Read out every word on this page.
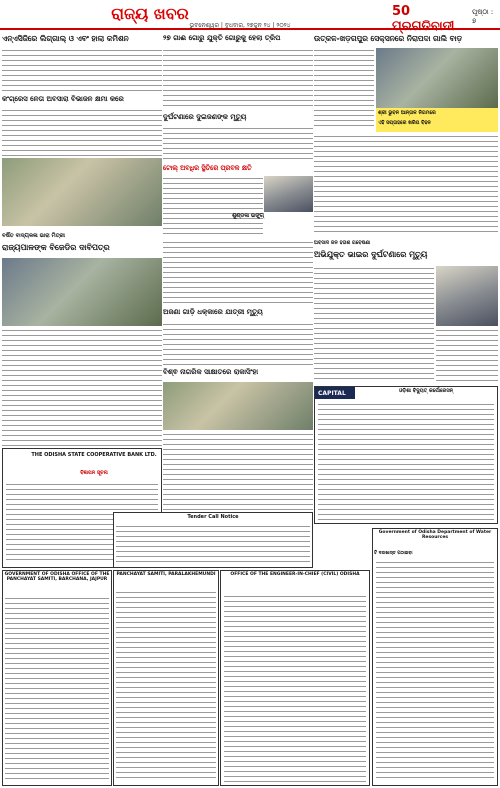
ରାଜ୍ୟ ଖବର
ଭୁବନେଶ୍ୱର | ବୁଧବାର, ୨୭ଜୁନ ୨୪ | ୨୦୨୪
50 ପ୍ରଗତିବାଦୀ
ପୃଷ୍ଠା : ୭
ଏନ୍ଏସିଜିରେ ଲିଗ୍ଗାଲ୍ ଓ ଏବଂ ହାଲା କମିଶନ	୨୭ ଗାଈ ଗୋରୁ ଯୁକ୍ତି ଗୋରୁକୁ ହେଲା ତ୍ରିପ	ଉତ୍କଳ-ଖଡ଼ଗପୁର ସେକ୍ସନରେ ନିରାପଦା ଗାଲି ବାଡ଼
ଶ୍ରୀ ଭୁବନ ଆନ୍ତାଳ ନିଗମରେ
ଏହି ସପ୍ତାହରେ ଖରିପ ବିହନ
କଂଗ୍ରେସ ନେତା ଅବସାରା ବିଭାଜନ କ୍ଷମା କରେ
ଦୁର୍ଘଟଣାରେ ଦୁଇଜଣଙ୍କ ମୃତ୍ୟୁ
ଟୋଲ୍ ଅବଧିର ସ୍ଥିତିରେ ପ୍ରବଳ କ୍ଷତି
ଶୁଣ୍ଡଳା ଭଙ୍ଗ୍ଗ୍
ବର୍ଷିତ ବାଦ୍ୟକଳା ଭାରା ମିତ୍ରୀ
ରାଜ୍ୟପାଳଙ୍କ ବିଜେଡିର ଦାବିପତ୍ର
ଅଜଣା ଗାଡ଼ି ଧକ୍କାରେ ଯାତ୍ରୀ ମୃତ୍ୟୁ
ବିଶ୍ଵ ନାଗରିକ ସାକ୍ଷାତରେ ରାକାସିଂହା
ଅବସାଦ ଜନ ହତାଶ ଗବେଷଣା
ଅଭିଯୁକ୍ତ ଭାଇର ଦୁର୍ଘଟଣାରେ ମୃତ୍ୟୁ
CAPITAL	ଓଡ଼ିଶା ବିଦ୍ୟୁତ୍ କର୍ପୋରେସନ୍
THE ODISHA STATE COOPERATIVE BANK LTD.
ବିଜ୍ଞାପନ ସୂଚନା
GOVERNMENT OF ODISHA OFFICE OF THE PANCHAYAT SAMITI, BARCHANA, JAJPUR
Tender Call Notice
PANCHAYAT SAMITI, PARALAKHEMUNDI	OFFICE OF THE ENGINEER-IN-CHIEF (CIVIL) ODISHA
Government of Odisha Department of Water Resources
ଟି ଦରଖାସ୍ତ ପଠାଇବା
